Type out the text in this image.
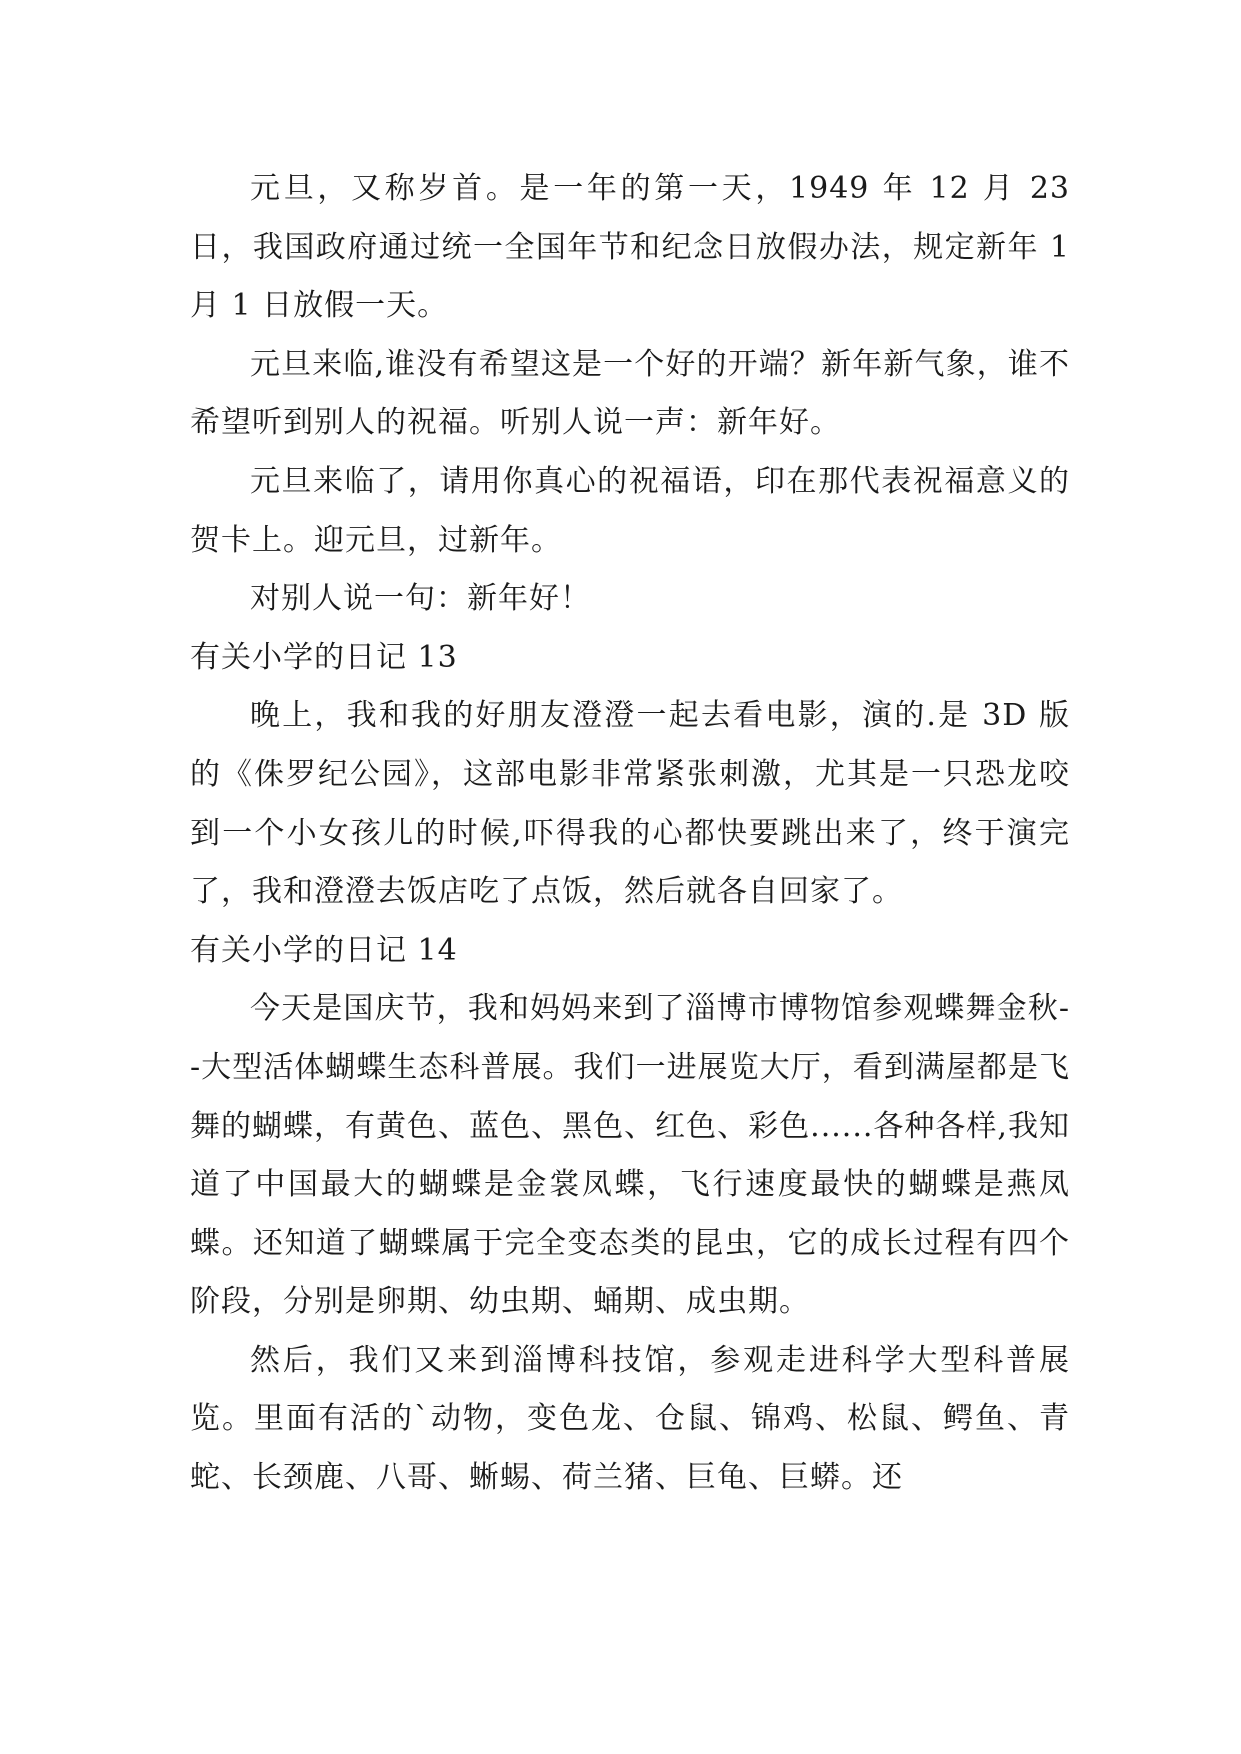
元旦，又称岁首。是一年的第一天，1949 年 12 月 23 日，我国政府通过统一全国年节和纪念日放假办法，规定新年 1 月 1 日放假一天。

元旦来临,谁没有希望这是一个好的开端？新年新气象，谁不希望听到别人的祝福。听别人说一声：新年好。

元旦来临了，请用你真心的祝福语，印在那代表祝福意义的贺卡上。迎元旦，过新年。

对别人说一句：新年好！

有关小学的日记 13

晚上，我和我的好朋友澄澄一起去看电影，演的.是 3D 版的《侏罗纪公园》，这部电影非常紧张刺激，尤其是一只恐龙咬到一个小女孩儿的时候,吓得我的心都快要跳出来了，终于演完了，我和澄澄去饭店吃了点饭，然后就各自回家了。

有关小学的日记 14

今天是国庆节，我和妈妈来到了淄博市博物馆参观蝶舞金秋--大型活体蝴蝶生态科普展。我们一进展览大厅，看到满屋都是飞舞的蝴蝶，有黄色、蓝色、黑色、红色、彩色......各种各样,我知道了中国最大的蝴蝶是金裳凤蝶，飞行速度最快的蝴蝶是燕凤蝶。还知道了蝴蝶属于完全变态类的昆虫，它的成长过程有四个阶段，分别是卵期、幼虫期、蛹期、成虫期。

然后，我们又来到淄博科技馆，参观走进科学大型科普展览。里面有活的`动物，变色龙、仓鼠、锦鸡、松鼠、鳄鱼、青蛇、长颈鹿、八哥、蜥蜴、荷兰猪、巨龟、巨蟒。还
